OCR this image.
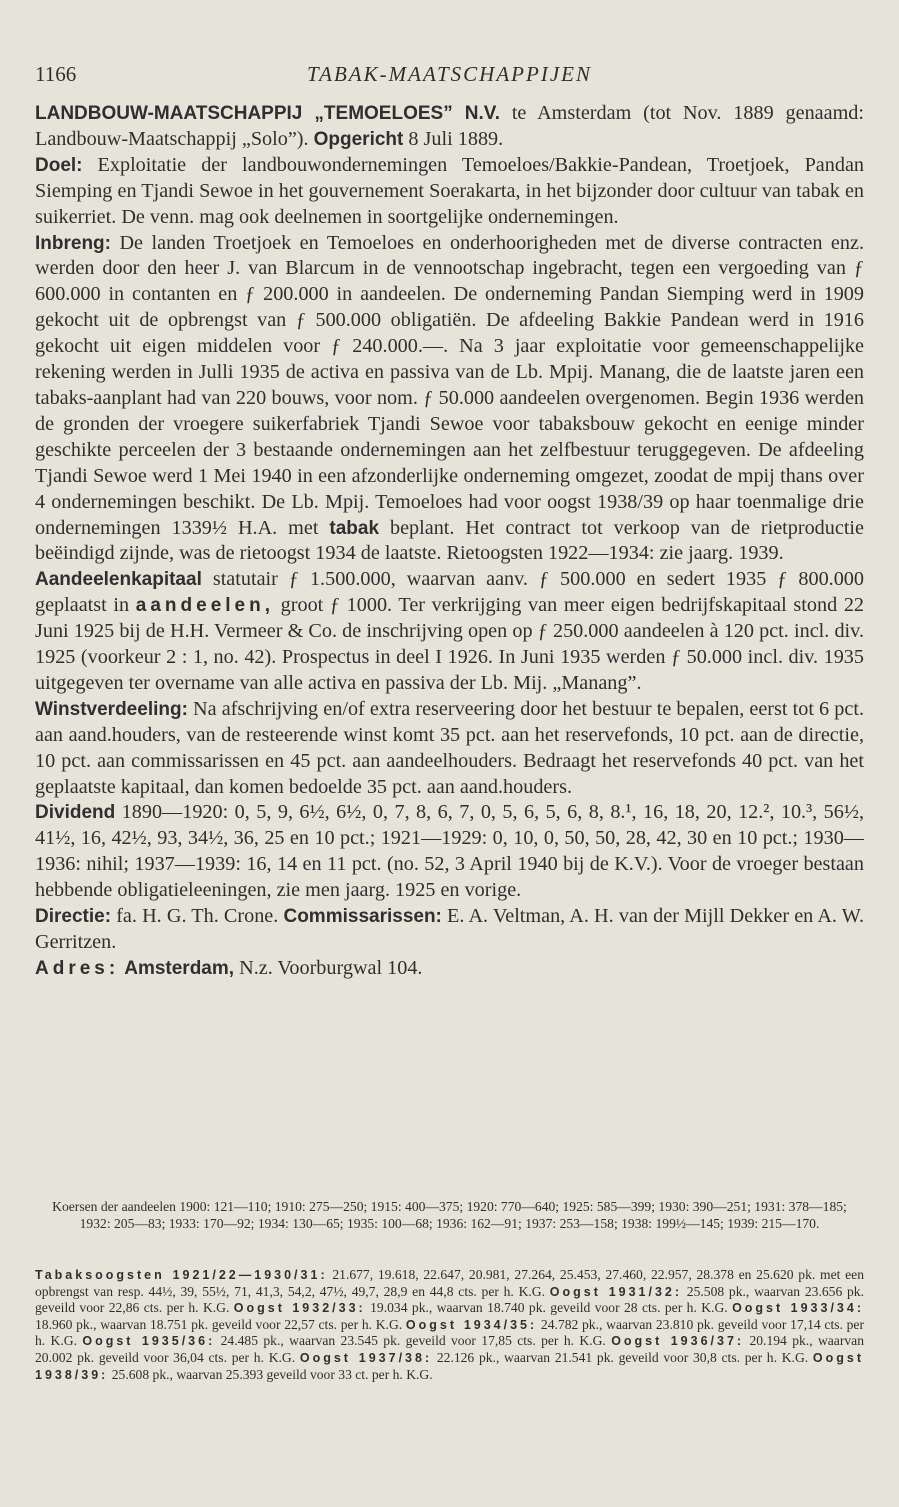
1166	TABAK-MAATSCHAPPIJEN

LANDBOUW-MAATSCHAPPIJ „TEMOELOES” N.V. te Amsterdam (tot Nov. 1889 genaamd: Landbouw-Maatschappij „Solo”). Opgericht 8 Juli 1889.

Doel: Exploitatie der landbouwondernemingen Temoeloes/Bakkie-Pandean, Troetjoek, Pandan Siemping en Tjandi Sewoe in het gouvernement Soerakarta, in het bijzonder door cultuur van tabak en suikerriet. De venn. mag ook deelnemen in soortgelijke ondernemingen.

Inbreng: De landen Troetjoek en Temoeloes en onderhoorigheden met de diverse contracten enz. werden door den heer J. van Blarcum in de vennootschap ingebracht, tegen een vergoeding van ƒ 600.000 in contanten en ƒ 200.000 in aandeelen. De onderneming Pandan Siemping werd in 1909 gekocht uit de opbrengst van ƒ 500.000 obligatiën. De afdeeling Bakkie Pandean werd in 1916 gekocht uit eigen middelen voor ƒ 240.000.—. Na 3 jaar exploitatie voor gemeenschappelijke rekening werden in Julli 1935 de activa en passiva van de Lb. Mpij. Manang, die de laatste jaren een tabaks-aanplant had van 220 bouws, voor nom. ƒ 50.000 aandeelen overgenomen. Begin 1936 werden de gronden der vroegere suikerfabriek Tjandi Sewoe voor tabaksbouw gekocht en eenige minder geschikte perceelen der 3 bestaande ondernemingen aan het zelfbestuur teruggegeven. De afdeeling Tjandi Sewoe werd 1 Mei 1940 in een afzonderlijke onderneming omgezet, zoodat de mpij thans over 4 ondernemingen beschikt. De Lb. Mpij. Temoeloes had voor oogst 1938/39 op haar toenmalige drie ondernemingen 1339½ H.A. met tabak beplant. Het contract tot verkoop van de rietproductie beëindigd zijnde, was de rietoogst 1934 de laatste. Rietoogsten 1922—1934: zie jaarg. 1939.

Aandeelenkapitaal statutair ƒ 1.500.000, waarvan aanv. ƒ 500.000 en sedert 1935 ƒ 800.000 geplaatst in aandeelen, groot ƒ 1000. Ter verkrijging van meer eigen bedrijfskapitaal stond 22 Juni 1925 bij de H.H. Vermeer & Co. de inschrijving open op ƒ 250.000 aandeelen à 120 pct. incl. div. 1925 (voorkeur 2 : 1, no. 42). Prospectus in deel I 1926. In Juni 1935 werden ƒ 50.000 incl. div. 1935 uitgegeven ter overname van alle activa en passiva der Lb. Mij. „Manang”.

Winstverdeeling: Na afschrijving en/of extra reserveering door het bestuur te bepalen, eerst tot 6 pct. aan aand.houders, van de resteerende winst komt 35 pct. aan het reservefonds, 10 pct. aan de directie, 10 pct. aan commissarissen en 45 pct. aan aandeelhouders. Bedraagt het reservefonds 40 pct. van het geplaatste kapitaal, dan komen bedoelde 35 pct. aan aand.houders.

Dividend 1890—1920: 0, 5, 9, 6½, 6½, 0, 7, 8, 6, 7, 0, 5, 6, 5, 6, 8, 8.¹, 16, 18, 20, 12.², 10.³, 56½, 41½, 16, 42½, 93, 34½, 36, 25 en 10 pct.; 1921—1929: 0, 10, 0, 50, 50, 28, 42, 30 en 10 pct.; 1930—1936: nihil; 1937—1939: 16, 14 en 11 pct. (no. 52, 3 April 1940 bij de K.V.). Voor de vroeger bestaan hebbende obligatieleeningen, zie men jaarg. 1925 en vorige.

Directie: fa. H. G. Th. Crone. Commissarissen: E. A. Veltman, A. H. van der Mijll Dekker en A. W. Gerritzen.

Adres: Amsterdam, N.z. Voorburgwal 104.

Koersen der aandeelen 1900: 121—110; 1910: 275—250; 1915: 400—375; 1920: 770—640; 1925: 585—399; 1930: 390—251; 1931: 378—185; 1932: 205—83; 1933: 170—92; 1934: 130—65; 1935: 100—68; 1936: 162—91; 1937: 253—158; 1938: 199½—145; 1939: 215—170.
Tabaksoogsten 1921/22—1930/31: 21.677, 19.618, 22.647, 20.981, 27.264, 25.453, 27.460, 22.957, 28.378 en 25.620 pk. met een opbrengst van resp. 44½, 39, 55½, 71, 41,3, 54,2, 47½, 49,7, 28,9 en 44,8 cts. per h. K.G. Oogst 1931/32: 25.508 pk., waarvan 23.656 pk. geveild voor 22,86 cts. per h. K.G. Oogst 1932/33: 19.034 pk., waarvan 18.740 pk. geveild voor 28 cts. per h. K.G. Oogst 1933/34: 18.960 pk., waarvan 18.751 pk. geveild voor 22,57 cts. per h. K.G. Oogst 1934/35: 24.782 pk., waarvan 23.810 pk. geveild voor 17,14 cts. per h. K.G. Oogst 1935/36: 24.485 pk., waarvan 23.545 pk. geveild voor 17,85 cts. per h. K.G. Oogst 1936/37: 20.194 pk., waarvan 20.002 pk. geveild voor 36,04 cts. per h. K.G. Oogst 1937/38: 22.126 pk., waarvan 21.541 pk. geveild voor 30,8 cts. per h. K.G. Oogst 1938/39: 25.608 pk., waarvan 25.393 geveild voor 33 ct. per h. K.G.
